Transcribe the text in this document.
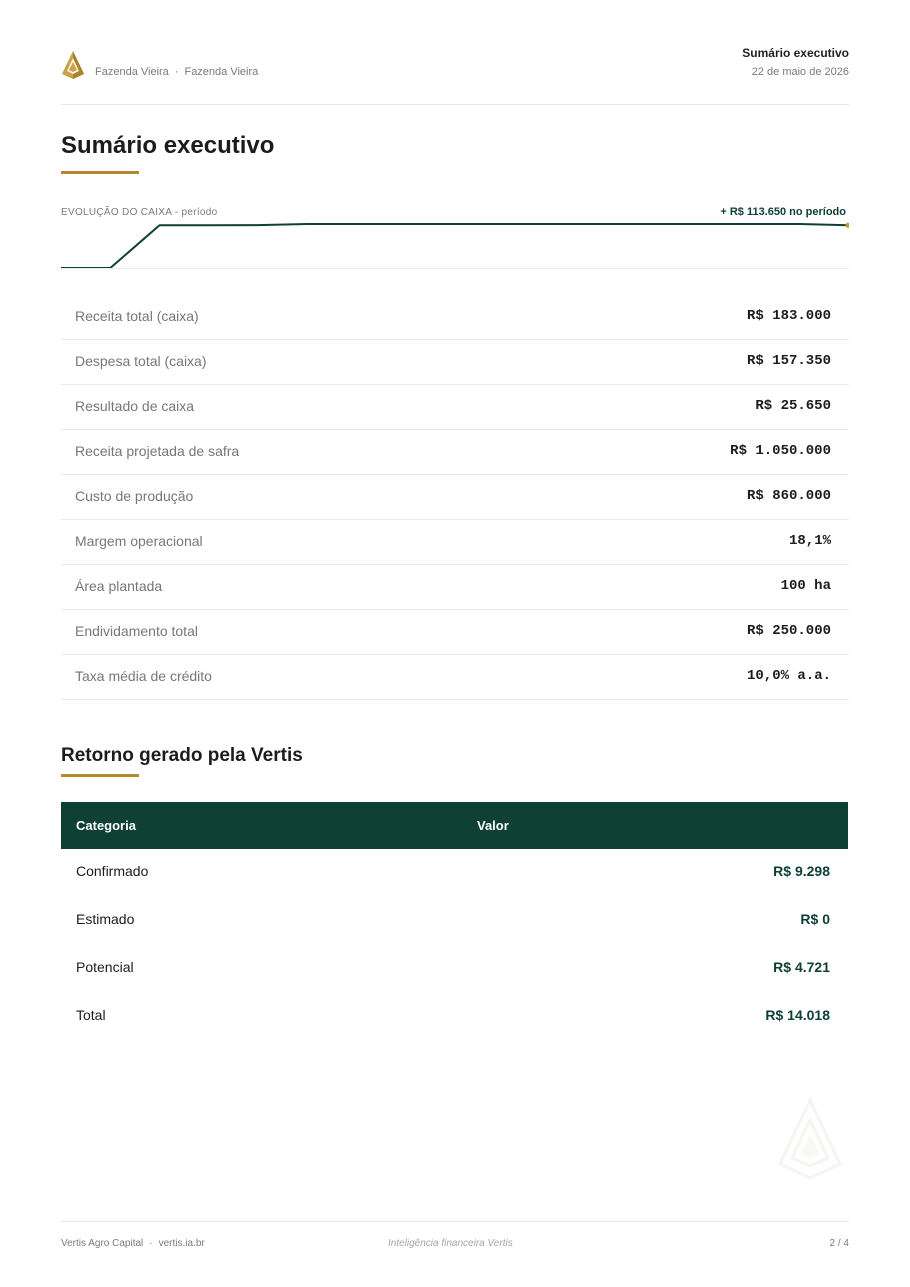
Fazenda Vieira · Fazenda Vieira
Sumário executivo
22 de maio de 2026
Sumário executivo
EVOLUÇÃO DO CAIXA - período	+ R$ 113.650 no período
Receita total (caixa)	R$ 183.000
Despesa total (caixa)	R$ 157.350
Resultado de caixa	R$ 25.650
Receita projetada de safra	R$ 1.050.000
Custo de produção	R$ 860.000
Margem operacional	18,1%
Área plantada	100 ha
Endividamento total	R$ 250.000
Taxa média de crédito	10,0% a.a.
Retorno gerado pela Vertis
Categoria	Valor
Confirmado	R$ 9.298
Estimado	R$ 0
Potencial	R$ 4.721
Total	R$ 14.018
Vertis Agro Capital · vertis.ia.br	Inteligência financeira Vertis	2 / 4
